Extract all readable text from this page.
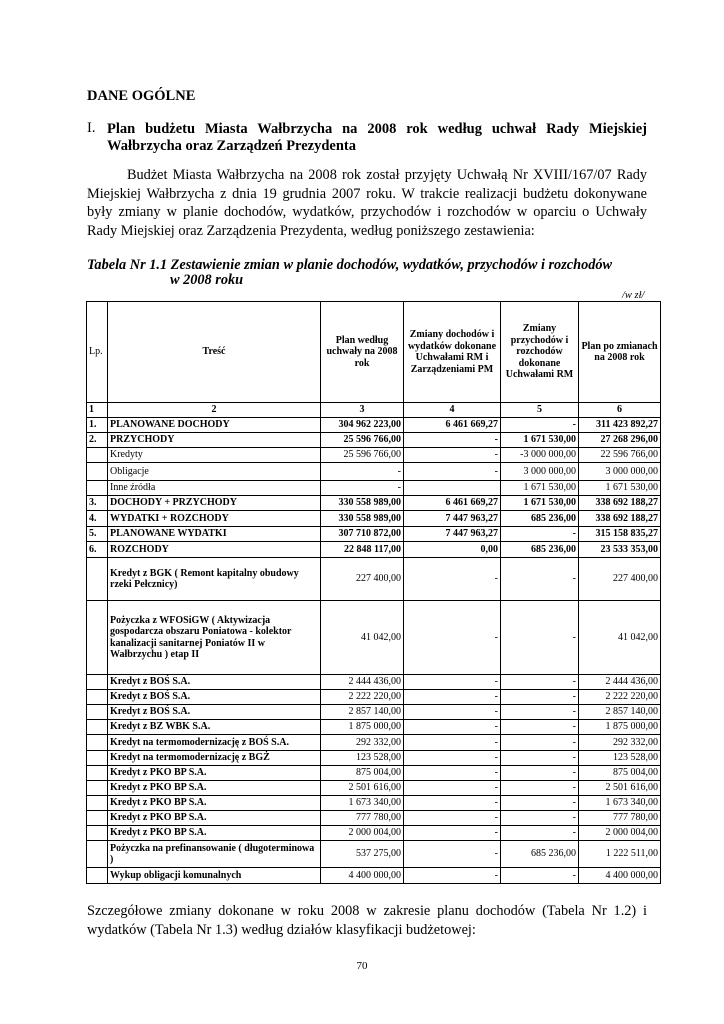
DANE OGÓLNE
I. Plan budżetu Miasta Wałbrzycha na 2008 rok według uchwał Rady Miejskiej
Wałbrzycha oraz Zarządzeń Prezydenta
Budżet Miasta Wałbrzycha na 2008 rok został przyjęty Uchwałą Nr XVIII/167/07 Rady Miejskiej Wałbrzycha z dnia 19 grudnia 2007 roku. W trakcie realizacji budżetu dokonywane były zmiany w planie dochodów, wydatków, przychodów i rozchodów w oparciu o Uchwały Rady Miejskiej oraz Zarządzenia Prezydenta, według poniższego zestawienia:
Tabela Nr 1.1 Zestawienie zmian w planie dochodów, wydatków, przychodów i rozchodów
w 2008 roku
/w zł/
Lp.	Treść	Plan według uchwały na 2008 rok	Zmiany dochodów i wydatków dokonane Uchwałami RM i Zarządzeniami PM	Zmiany przychodów i rozchodów dokonane Uchwałami RM	Plan po zmianach na 2008 rok
1	2	3	4	5	6
1.	PLANOWANE DOCHODY	304 962 223,00	6 461 669,27	-	311 423 892,27
2.	PRZYCHODY	25 596 766,00	-	1 671 530,00	27 268 296,00
	Kredyty	25 596 766,00	-	-3 000 000,00	22 596 766,00
	Obligacje	-	-	3 000 000,00	3 000 000,00
	Inne źródła	-		1 671 530,00	1 671 530,00
3.	DOCHODY + PRZYCHODY	330 558 989,00	6 461 669,27	1 671 530,00	338 692 188,27
4.	WYDATKI + ROZCHODY	330 558 989,00	7 447 963,27	685 236,00	338 692 188,27
5.	PLANOWANE WYDATKI	307 710 872,00	7 447 963,27	-	315 158 835,27
6.	ROZCHODY	22 848 117,00	0,00	685 236,00	23 533 353,00
	Kredyt z BGK ( Remont kapitalny obudowy rzeki Pełcznicy)	227 400,00	-	-	227 400,00
	Pożyczka z WFOSiGW ( Aktywizacja gospodarcza obszaru Poniatowa - kolektor kanalizacji sanitarnej Poniatów II w Wałbrzychu ) etap II	41 042,00	-	-	41 042,00
	Kredyt z BOŚ S.A.	2 444 436,00	-	-	2 444 436,00
	Kredyt z BOŚ S.A.	2 222 220,00	-	-	2 222 220,00
	Kredyt z BOŚ S.A.	2 857 140,00	-	-	2 857 140,00
	Kredyt z BZ WBK S.A.	1 875 000,00	-	-	1 875 000,00
	Kredyt na termomodernizację z BOŚ S.A.	292 332,00	-	-	292 332,00
	Kredyt na termomodernizację z BGŻ	123 528,00	-	-	123 528,00
	Kredyt z PKO BP S.A.	875 004,00	-	-	875 004,00
	Kredyt z PKO BP S.A.	2 501 616,00	-	-	2 501 616,00
	Kredyt z PKO BP S.A.	1 673 340,00	-	-	1 673 340,00
	Kredyt z PKO BP S.A.	777 780,00	-	-	777 780,00
	Kredyt z PKO BP S.A.	2 000 004,00	-	-	2 000 004,00
	Pożyczka na prefinansowanie ( długoterminowa )	537 275,00	-	685 236,00	1 222 511,00
	Wykup obligacji komunalnych	4 400 000,00	-	-	4 400 000,00
Szczegółowe zmiany dokonane w roku 2008 w zakresie planu dochodów (Tabela Nr 1.2) i wydatków (Tabela Nr 1.3) według działów klasyfikacji budżetowej:
70
